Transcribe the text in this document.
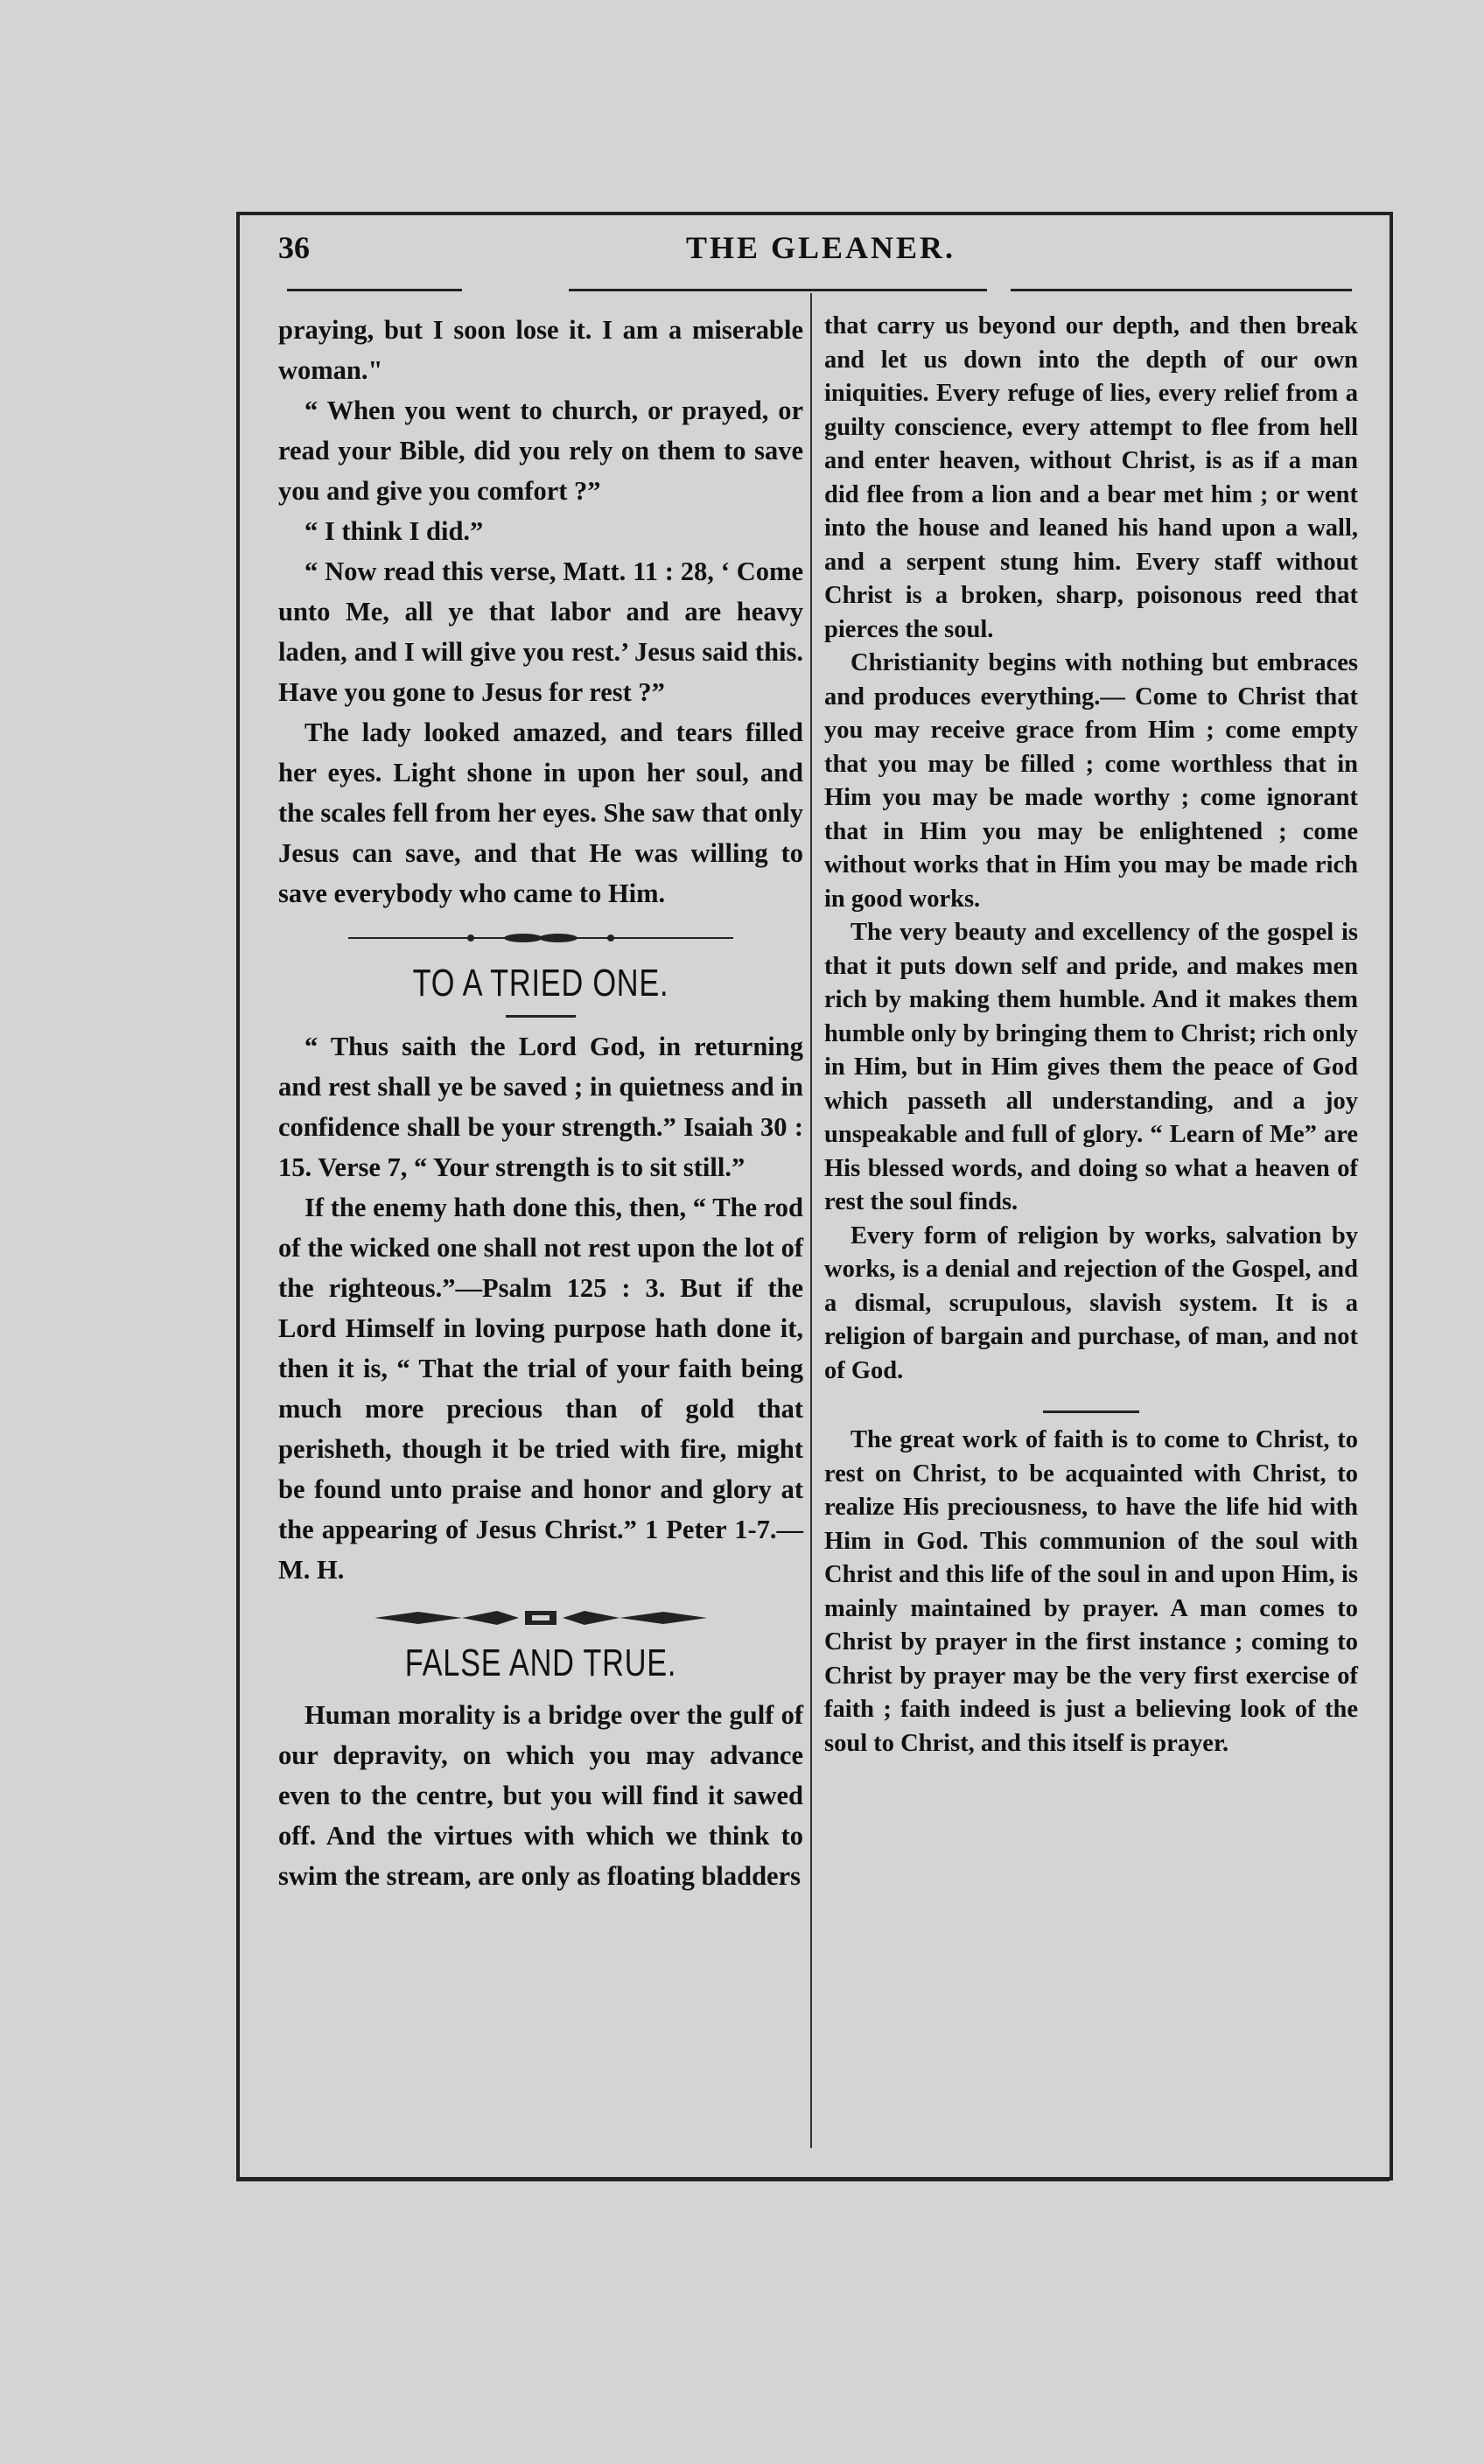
36	THE GLEANER.

praying, but I soon lose it. I am a miserable woman."

“ When you went to church, or prayed, or read your Bible, did you rely on them to save you and give you comfort ?”

“ I think I did.”

“ Now read this verse, Matt. 11 : 28, ‘ Come unto Me, all ye that labor and are heavy laden, and I will give you rest.’ Jesus said this. Have you gone to Jesus for rest ?”

The lady looked amazed, and tears filled her eyes. Light shone in upon her soul, and the scales fell from her eyes. She saw that only Jesus can save, and that He was willing to save everybody who came to Him.

TO A TRIED ONE.

“ Thus saith the Lord God, in returning and rest shall ye be saved ; in quietness and in confidence shall be your strength.” Isaiah 30 : 15. Verse 7, “ Your strength is to sit still.”

If the enemy hath done this, then, “ The rod of the wicked one shall not rest upon the lot of the righteous.”—Psalm 125 : 3. But if the Lord Himself in loving purpose hath done it, then it is, “ That the trial of your faith being much more precious than of gold that perisheth, though it be tried with fire, might be found unto praise and honor and glory at the appearing of Jesus Christ.” 1 Peter 1-7.—M. H.

FALSE AND TRUE.

Human morality is a bridge over the gulf of our depravity, on which you may advance even to the centre, but you will find it sawed off. And the virtues with which we think to swim the stream, are only as floating bladders

that carry us beyond our depth, and then break and let us down into the depth of our own iniquities. Every refuge of lies, every relief from a guilty conscience, every attempt to flee from hell and enter heaven, without Christ, is as if a man did flee from a lion and a bear met him ; or went into the house and leaned his hand upon a wall, and a serpent stung him. Every staff without Christ is a broken, sharp, poisonous reed that pierces the soul.

Christianity begins with nothing but embraces and produces everything.— Come to Christ that you may receive grace from Him ; come empty that you may be filled ; come worthless that in Him you may be made worthy ; come ignorant that in Him you may be enlightened ; come without works that in Him you may be made rich in good works.

The very beauty and excellency of the gospel is that it puts down self and pride, and makes men rich by making them humble. And it makes them humble only by bringing them to Christ; rich only in Him, but in Him gives them the peace of God which passeth all understanding, and a joy unspeakable and full of glory. “ Learn of Me” are His blessed words, and doing so what a heaven of rest the soul finds.

Every form of religion by works, salvation by works, is a denial and rejection of the Gospel, and a dismal, scrupulous, slavish system. It is a religion of bargain and purchase, of man, and not of God.

The great work of faith is to come to Christ, to rest on Christ, to be acquainted with Christ, to realize His preciousness, to have the life hid with Him in God. This communion of the soul with Christ and this life of the soul in and upon Him, is mainly maintained by prayer. A man comes to Christ by prayer in the first instance ; coming to Christ by prayer may be the very first exercise of faith ; faith indeed is just a believing look of the soul to Christ, and this itself is prayer.
